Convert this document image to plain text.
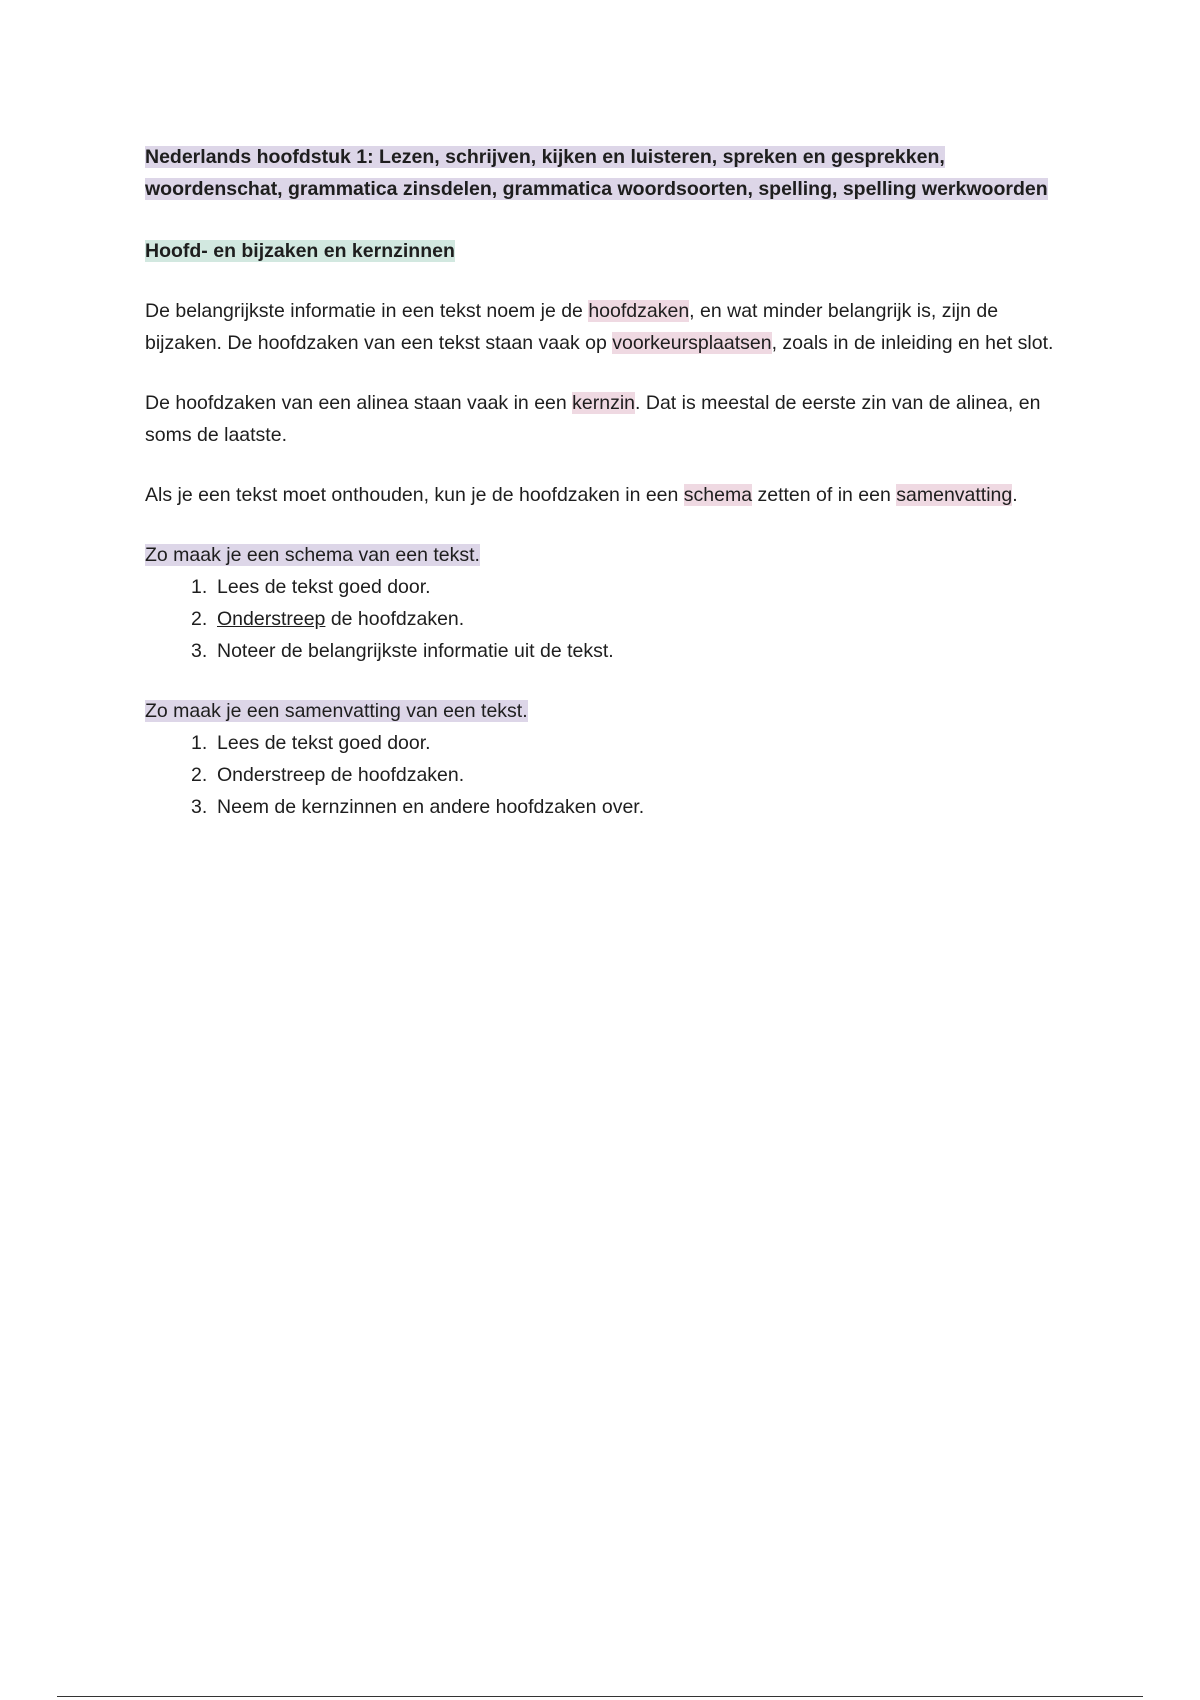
Nederlands hoofdstuk 1: Lezen, schrijven, kijken en luisteren, spreken en gesprekken,
woordenschat, grammatica zinsdelen, grammatica woordsoorten, spelling, spelling werkwoorden

Hoofd- en bijzaken en kernzinnen

De belangrijkste informatie in een tekst noem je de hoofdzaken, en wat minder belangrijk is, zijn de bijzaken. De hoofdzaken van een tekst staan vaak op voorkeursplaatsen, zoals in de inleiding en het slot.

De hoofdzaken van een alinea staan vaak in een kernzin. Dat is meestal de eerste zin van de alinea, en soms de laatste.

Als je een tekst moet onthouden, kun je de hoofdzaken in een schema zetten of in een samenvatting.

Zo maak je een schema van een tekst.

1. Lees de tekst goed door.
2. Onderstreep de hoofdzaken.
3. Noteer de belangrijkste informatie uit de tekst.

Zo maak je een samenvatting van een tekst.

1. Lees de tekst goed door.
2. Onderstreep de hoofdzaken.
3. Neem de kernzinnen en andere hoofdzaken over.
